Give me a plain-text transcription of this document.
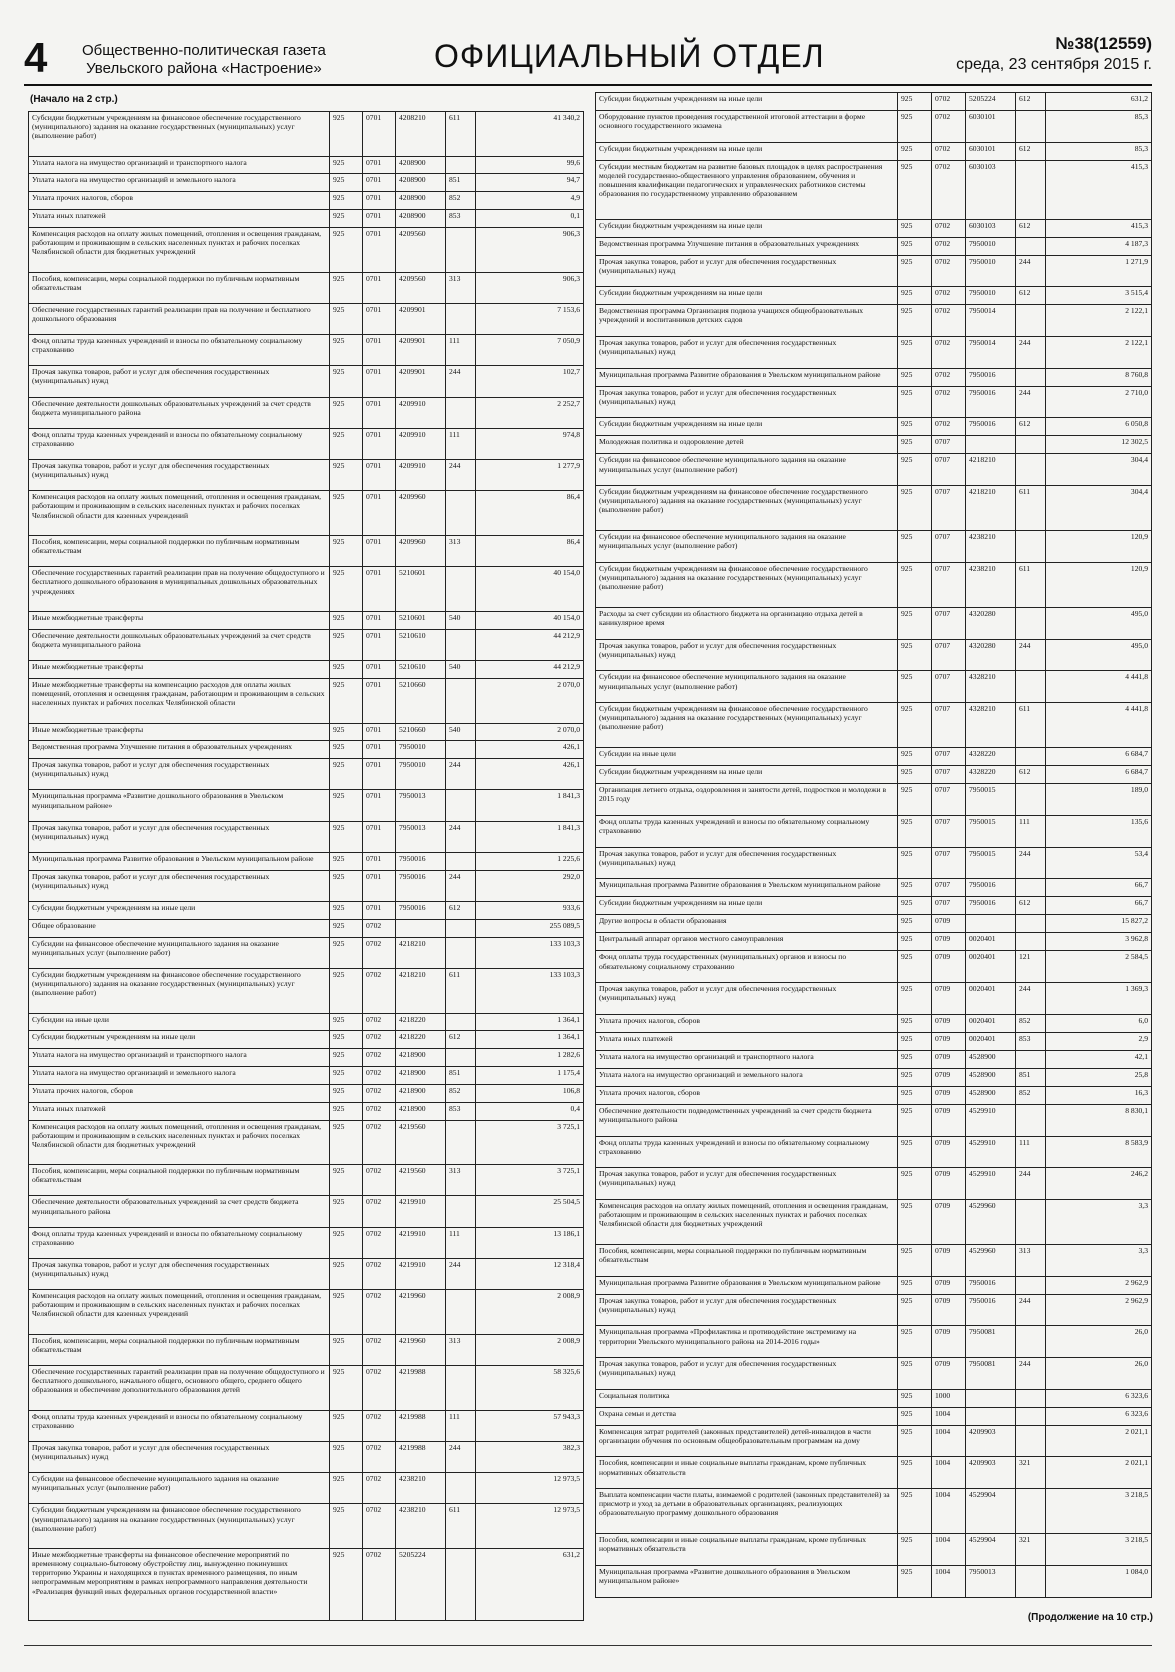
4 Общественно-политическая газета
Увельского района «Настроение»	ОФИЦИАЛЬНЫЙ ОТДЕЛ	№38(12559)
среда, 23 сентября 2015 г.
(Начало на 2 стр.)
Субсидии бюджетным учреждениям на финансовое обеспечение государственного (муниципального) задания на оказание государственных (муниципальных) услуг (выполнение работ)	925	0701	4208210	611	41 340,2
Уплата налога на имущество организаций и транспортного налога	925	0701	4208900		99,6
Уплата налога на имущество организаций и земельного налога	925	0701	4208900	851	94,7
Уплата прочих налогов, сборов	925	0701	4208900	852	4,9
Уплата иных платежей	925	0701	4208900	853	0,1
Компенсация расходов на оплату жилых помещений, отопления и освещения гражданам, работающим и проживающим в сельских населенных пунктах и рабочих поселках Челябинской области для бюджетных учреждений	925	0701	4209560		906,3
Пособия, компенсации, меры социальной поддержки по публичным нормативным обязательствам	925	0701	4209560	313	906,3
Обеспечение государственных гарантий реализации прав на получение и бесплатного дошкольного образования	925	0701	4209901		7 153,6
Фонд оплаты труда казенных учреждений и взносы по обязательному социальному страхованию	925	0701	4209901	111	7 050,9
Прочая закупка товаров, работ и услуг для обеспечения государственных (муниципальных) нужд	925	0701	4209901	244	102,7
Обеспечение деятельности дошкольных образовательных учреждений за счет средств бюджета муниципального района	925	0701	4209910		2 252,7
Фонд оплаты труда казенных учреждений и взносы по обязательному социальному страхованию	925	0701	4209910	111	974,8
Прочая закупка товаров, работ и услуг для обеспечения государственных (муниципальных) нужд	925	0701	4209910	244	1 277,9
Компенсация расходов на оплату жилых помещений, отопления и освещения гражданам, работающим и проживающим в сельских населенных пунктах и рабочих поселках Челябинской области для казенных учреждений	925	0701	4209960		86,4
Пособия, компенсации, меры социальной поддержки по публичным нормативным обязательствам	925	0701	4209960	313	86,4
Обеспечение государственных гарантий реализации прав на получение общедоступного и бесплатного дошкольного образования в муниципальных дошкольных образовательных учреждениях	925	0701	5210601		40 154,0
Иные межбюджетные трансферты	925	0701	5210601	540	40 154,0
Обеспечение деятельности дошкольных образовательных учреждений за счет средств бюджета муниципального района	925	0701	5210610		44 212,9
Иные межбюджетные трансферты	925	0701	5210610	540	44 212,9
Иные межбюджетные трансферты на компенсацию расходов для оплаты жилых помещений, отопления и освещения гражданам, работающим и проживающим в сельских населенных пунктах и рабочих поселках Челябинской области	925	0701	5210660		2 070,0
Иные межбюджетные трансферты	925	0701	5210660	540	2 070,0
Ведомственная программа Улучшение питания в образовательных учреждениях	925	0701	7950010		426,1
Прочая закупка товаров, работ и услуг для обеспечения государственных (муниципальных) нужд	925	0701	7950010	244	426,1
Муниципальная программа «Развитие дошкольного образования в Увельском муниципальном районе»	925	0701	7950013		1 841,3
Прочая закупка товаров, работ и услуг для обеспечения государственных (муниципальных) нужд	925	0701	7950013	244	1 841,3
Муниципальная программа Развитие образования в Увельском муниципальном районе	925	0701	7950016		1 225,6
Прочая закупка товаров, работ и услуг для обеспечения государственных (муниципальных) нужд	925	0701	7950016	244	292,0
Субсидии бюджетным учреждениям на иные цели	925	0701	7950016	612	933,6
Общее образование	925	0702			255 089,5
Субсидии на финансовое обеспечение муниципального задания на оказание муниципальных услуг (выполнение работ)	925	0702	4218210		133 103,3
Субсидии бюджетным учреждениям на финансовое обеспечение государственного (муниципального) задания на оказание государственных (муниципальных) услуг (выполнение работ)	925	0702	4218210	611	133 103,3
Субсидии на иные цели	925	0702	4218220		1 364,1
Субсидии бюджетным учреждениям на иные цели	925	0702	4218220	612	1 364,1
Уплата налога на имущество организаций и транспортного налога	925	0702	4218900		1 282,6
Уплата налога на имущество организаций и земельного налога	925	0702	4218900	851	1 175,4
Уплата прочих налогов, сборов	925	0702	4218900	852	106,8
Уплата иных платежей	925	0702	4218900	853	0,4
Компенсация расходов на оплату жилых помещений, отопления и освещения гражданам, работающим и проживающим в сельских населенных пунктах и рабочих поселках Челябинской области для бюджетных учреждений	925	0702	4219560		3 725,1
Пособия, компенсации, меры социальной поддержки по публичным нормативным обязательствам	925	0702	4219560	313	3 725,1
Обеспечение деятельности образовательных учреждений за счет средств бюджета муниципального района	925	0702	4219910		25 504,5
Фонд оплаты труда казенных учреждений и взносы по обязательному социальному страхованию	925	0702	4219910	111	13 186,1
Прочая закупка товаров, работ и услуг для обеспечения государственных (муниципальных) нужд	925	0702	4219910	244	12 318,4
Компенсация расходов на оплату жилых помещений, отопления и освещения гражданам, работающим и проживающим в сельских населенных пунктах и рабочих поселках Челябинской области для казенных учреждений	925	0702	4219960		2 008,9
Пособия, компенсации, меры социальной поддержки по публичным нормативным обязательствам	925	0702	4219960	313	2 008,9
Обеспечение государственных гарантий реализации прав на получение общедоступного и бесплатного дошкольного, начального общего, основного общего, среднего общего образования и обеспечение дополнительного образования детей	925	0702	4219988		58 325,6
Фонд оплаты труда казенных учреждений и взносы по обязательному социальному страхованию	925	0702	4219988	111	57 943,3
Прочая закупка товаров, работ и услуг для обеспечения государственных (муниципальных) нужд	925	0702	4219988	244	382,3
Субсидии на финансовое обеспечение муниципального задания на оказание муниципальных услуг (выполнение работ)	925	0702	4238210		12 973,5
Субсидии бюджетным учреждениям на финансовое обеспечение государственного (муниципального) задания на оказание государственных (муниципальных) услуг (выполнение работ)	925	0702	4238210	611	12 973,5
Иные межбюджетные трансферты на финансовое обеспечение мероприятий по временному социально-бытовому обустройству лиц, вынужденно покинувших территорию Украины и находящихся в пунктах временного размещения, по иным непрограммным мероприятиям в рамках непрограммного направления деятельности «Реализация функций иных федеральных органов государственной власти»	925	0702	5205224		631,2
Субсидии бюджетным учреждениям на иные цели	925	0702	5205224	612	631,2
Оборудование пунктов проведения государственной итоговой аттестации в форме основного государственного экзамена	925	0702	6030101		85,3
Субсидии бюджетным учреждениям на иные цели	925	0702	6030101	612	85,3
Субсидии местным бюджетам на развитие базовых площадок в целях распространения моделей государственно-общественного управления образованием, обучения и повышения квалификации педагогических и управленческих работников системы образования по государственному управлению образованием	925	0702	6030103		415,3
Субсидии бюджетным учреждениям на иные цели	925	0702	6030103	612	415,3
Ведомственная программа Улучшение питания в образовательных учреждениях	925	0702	7950010		4 187,3
Прочая закупка товаров, работ и услуг для обеспечения государственных (муниципальных) нужд	925	0702	7950010	244	1 271,9
Субсидии бюджетным учреждениям на иные цели	925	0702	7950010	612	3 515,4
Ведомственная программа Организация подвоза учащихся общеобразовательных учреждений и воспитанников детских садов	925	0702	7950014		2 122,1
Прочая закупка товаров, работ и услуг для обеспечения государственных (муниципальных) нужд	925	0702	7950014	244	2 122,1
Муниципальная программа Развитие образования в Увельском муниципальном районе	925	0702	7950016		8 760,8
Прочая закупка товаров, работ и услуг для обеспечения государственных (муниципальных) нужд	925	0702	7950016	244	2 710,0
Субсидии бюджетным учреждениям на иные цели	925	0702	7950016	612	6 050,8
Молодежная политика и оздоровление детей	925	0707			12 302,5
Субсидии на финансовое обеспечение муниципального задания на оказание муниципальных услуг (выполнение работ)	925	0707	4218210		304,4
Субсидии бюджетным учреждениям на финансовое обеспечение государственного (муниципального) задания на оказание государственных (муниципальных) услуг (выполнение работ)	925	0707	4218210	611	304,4
Субсидии на финансовое обеспечение муниципального задания на оказание муниципальных услуг (выполнение работ)	925	0707	4238210		120,9
Субсидии бюджетным учреждениям на финансовое обеспечение государственного (муниципального) задания на оказание государственных (муниципальных) услуг (выполнение работ)	925	0707	4238210	611	120,9
Расходы за счет субсидии из областного бюджета на организацию отдыха детей в каникулярное время	925	0707	4320280		495,0
Прочая закупка товаров, работ и услуг для обеспечения государственных (муниципальных) нужд	925	0707	4320280	244	495,0
Субсидии на финансовое обеспечение муниципального задания на оказание муниципальных услуг (выполнение работ)	925	0707	4328210		4 441,8
Субсидии бюджетным учреждениям на финансовое обеспечение государственного (муниципального) задания на оказание государственных (муниципальных) услуг (выполнение работ)	925	0707	4328210	611	4 441,8
Субсидии на иные цели	925	0707	4328220		6 684,7
Субсидии бюджетным учреждениям на иные цели	925	0707	4328220	612	6 684,7
Организация летнего отдыха, оздоровления и занятости детей, подростков и молодежи в 2015 году	925	0707	7950015		189,0
Фонд оплаты труда казенных учреждений и взносы по обязательному социальному страхованию	925	0707	7950015	111	135,6
Прочая закупка товаров, работ и услуг для обеспечения государственных (муниципальных) нужд	925	0707	7950015	244	53,4
Муниципальная программа Развитие образования в Увельском муниципальном районе	925	0707	7950016		66,7
Субсидии бюджетным учреждениям на иные цели	925	0707	7950016	612	66,7
Другие вопросы в области образования	925	0709			15 827,2
Центральный аппарат органов местного самоуправления	925	0709	0020401		3 962,8
Фонд оплаты труда государственных (муниципальных) органов и взносы по обязательному социальному страхованию	925	0709	0020401	121	2 584,5
Прочая закупка товаров, работ и услуг для обеспечения государственных (муниципальных) нужд	925	0709	0020401	244	1 369,3
Уплата прочих налогов, сборов	925	0709	0020401	852	6,0
Уплата иных платежей	925	0709	0020401	853	2,9
Уплата налога на имущество организаций и транспортного налога	925	0709	4528900		42,1
Уплата налога на имущество организаций и земельного налога	925	0709	4528900	851	25,8
Уплата прочих налогов, сборов	925	0709	4528900	852	16,3
Обеспечение деятельности подведомственных учреждений за счет средств бюджета муниципального района	925	0709	4529910		8 830,1
Фонд оплаты труда казенных учреждений и взносы по обязательному социальному страхованию	925	0709	4529910	111	8 583,9
Прочая закупка товаров, работ и услуг для обеспечения государственных (муниципальных) нужд	925	0709	4529910	244	246,2
Компенсация расходов на оплату жилых помещений, отопления и освещения гражданам, работающим и проживающим в сельских населенных пунктах и рабочих поселках Челябинской области для бюджетных учреждений	925	0709	4529960		3,3
Пособия, компенсации, меры социальной поддержки по публичным нормативным обязательствам	925	0709	4529960	313	3,3
Муниципальная программа Развитие образования в Увельском муниципальном районе	925	0709	7950016		2 962,9
Прочая закупка товаров, работ и услуг для обеспечения государственных (муниципальных) нужд	925	0709	7950016	244	2 962,9
Муниципальная программа «Профилактика и противодействие экстремизму на территории Увельского муниципального района на 2014-2016 годы»	925	0709	7950081		26,0
Прочая закупка товаров, работ и услуг для обеспечения государственных (муниципальных) нужд	925	0709	7950081	244	26,0
Социальная политика	925	1000			6 323,6
Охрана семьи и детства	925	1004			6 323,6
Компенсация затрат родителей (законных представителей) детей-инвалидов в части организации обучения по основным общеобразовательным программам на дому	925	1004	4209903		2 021,1
Пособия, компенсации и иные социальные выплаты гражданам, кроме публичных нормативных обязательств	925	1004	4209903	321	2 021,1
Выплата компенсации части платы, взимаемой с родителей (законных представителей) за присмотр и уход за детьми в образовательных организациях, реализующих образовательную программу дошкольного образования	925	1004	4529904		3 218,5
Пособия, компенсации и иные социальные выплаты гражданам, кроме публичных нормативных обязательств	925	1004	4529904	321	3 218,5
Муниципальная программа «Развитие дошкольного образования в Увельском муниципальном районе»	925	1004	7950013		1 084,0
(Продолжение на 10 стр.)
